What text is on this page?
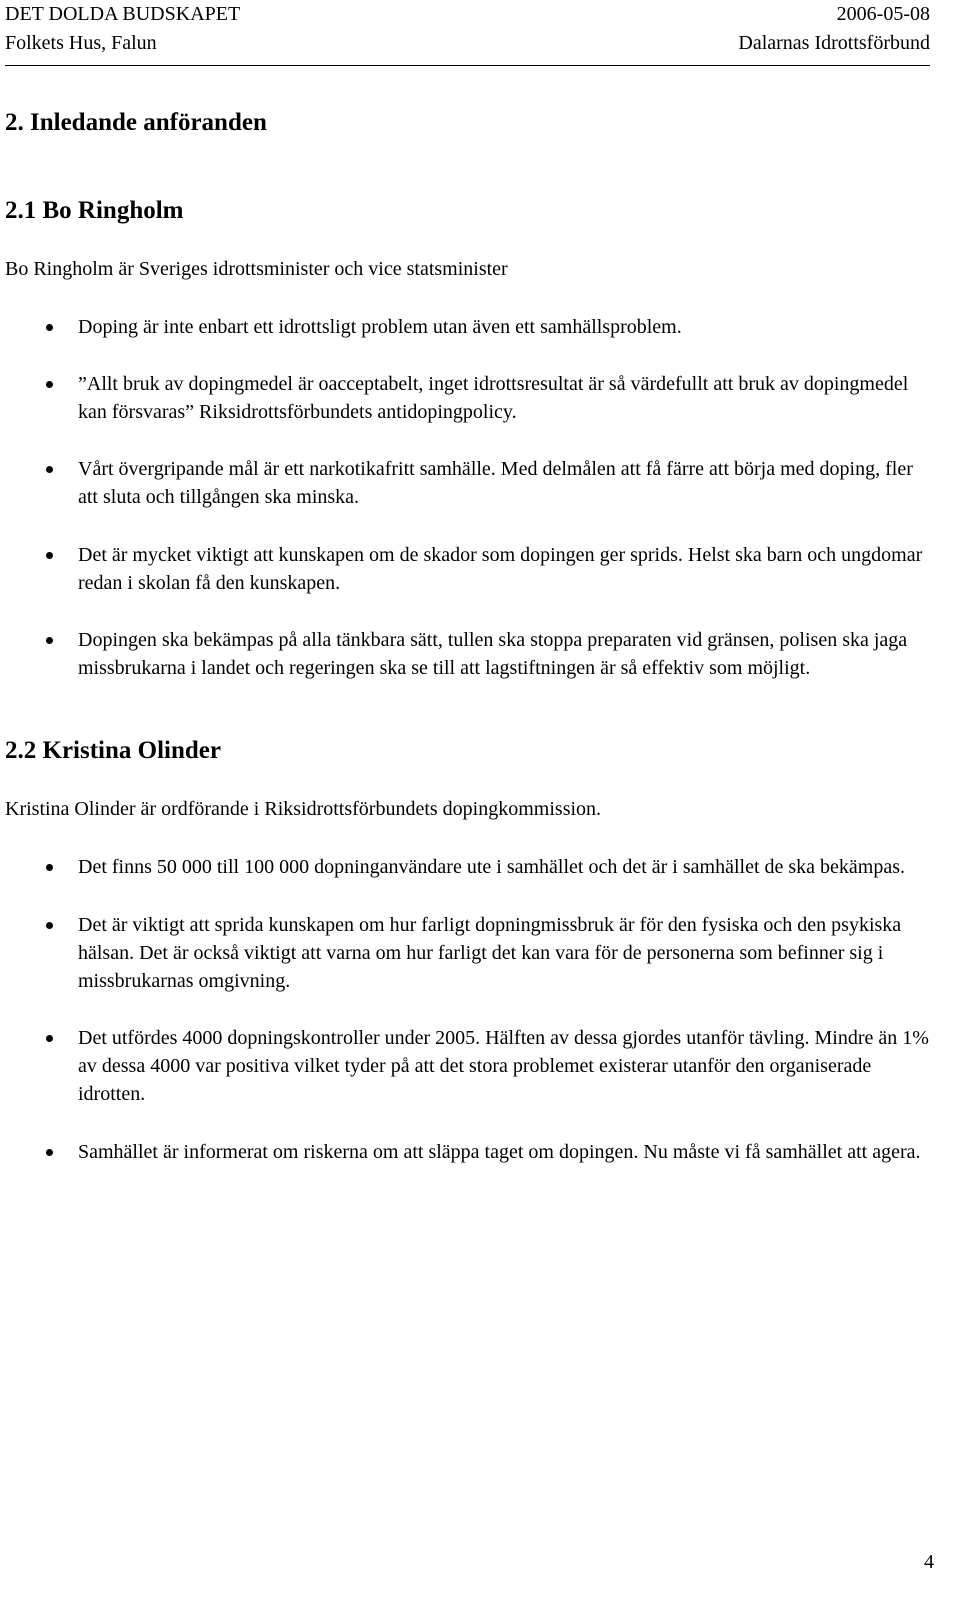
DET DOLDA BUDSKAPET	2006-05-08
Folkets Hus, Falun	Dalarnas Idrottsförbund
2. Inledande anföranden
2.1 Bo Ringholm

Bo Ringholm är Sveriges idrottsminister och vice statsminister

Doping är inte enbart ett idrottsligt problem utan även ett samhällsproblem.
”Allt bruk av dopingmedel är oacceptabelt, inget idrottsresultat är så värdefullt att bruk av dopingmedel kan försvaras” Riksidrottsförbundets antidopingpolicy.
Vårt övergripande mål är ett narkotikafritt samhälle. Med delmålen att få färre att börja med doping, fler att sluta och tillgången ska minska.
Det är mycket viktigt att kunskapen om de skador som dopingen ger sprids. Helst ska barn och ungdomar redan i skolan få den kunskapen.
Dopingen ska bekämpas på alla tänkbara sätt, tullen ska stoppa preparaten vid gränsen, polisen ska jaga missbrukarna i landet och regeringen ska se till att lagstiftningen är så effektiv som möjligt.
2.2 Kristina Olinder

Kristina Olinder är ordförande i Riksidrottsförbundets dopingkommission.

Det finns 50 000 till 100 000 dopninganvändare ute i samhället och det är i samhället de ska bekämpas.
Det är viktigt att sprida kunskapen om hur farligt dopningmissbruk är för den fysiska och den psykiska hälsan. Det är också viktigt att varna om hur farligt det kan vara för de personerna som befinner sig i missbrukarnas omgivning.
Det utfördes 4000 dopningskontroller under 2005. Hälften av dessa gjordes utanför tävling. Mindre än 1% av dessa 4000 var positiva vilket tyder på att det stora problemet existerar utanför den organiserade idrotten.
Samhället är informerat om riskerna om att släppa taget om dopingen. Nu måste vi få samhället att agera.
4
